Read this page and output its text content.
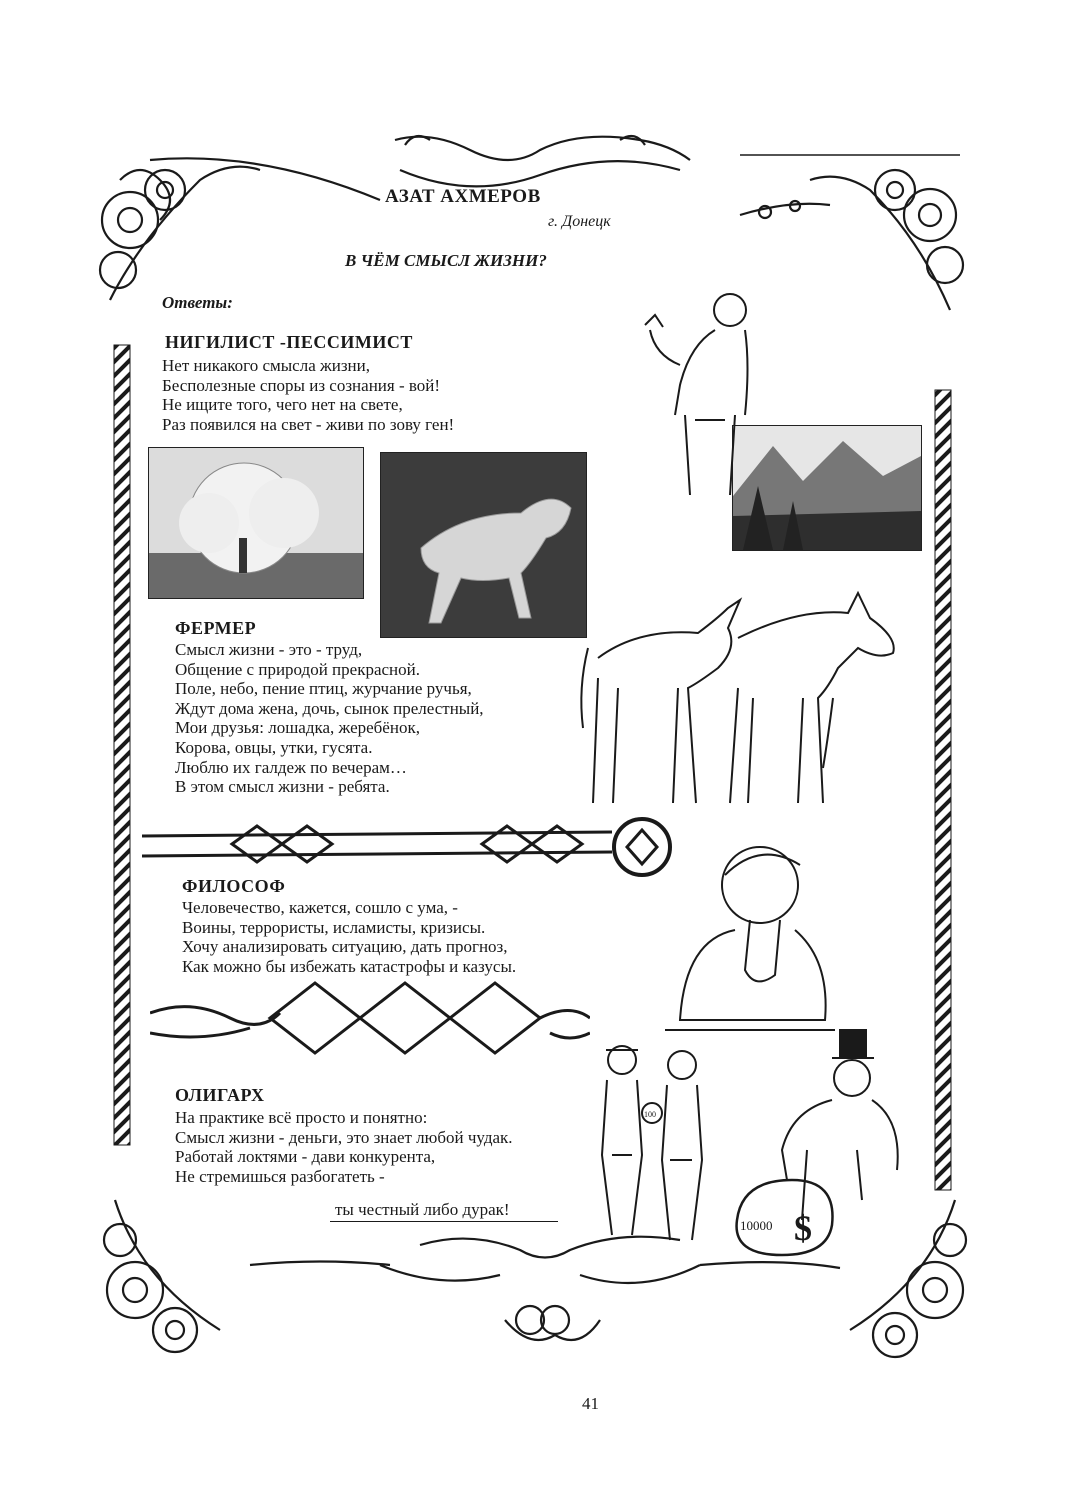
АЗАТ АХМЕРОВ
г. Донецк
В ЧЁМ СМЫСЛ ЖИЗНИ?
Ответы:
НИГИЛИСТ -ПЕССИМИСТ
Нет никакого смысла жизни,
Бесполезные споры из сознания - вой!
Не ищите того, чего нет на свете,
Раз появился на свет - живи по зову ген!
ФЕРМЕР
Смысл жизни - это - труд,
Общение с природой прекрасной.
Поле, небо, пение птиц, журчание ручья,
Ждут дома жена, дочь, сынок прелестный,
Мои друзья: лошадка, жеребёнок,
Корова, овцы, утки, гусята.
Люблю их галдеж по вечерам…
В этом смысл жизни - ребята.
ФИЛОСОФ
Человечество, кажется, сошло с ума, -
Воины, террористы, исламисты, кризисы.
Хочу анализировать ситуацию, дать прогноз,
Как можно бы избежать катастрофы и казусы.
ОЛИГАРХ
На практике всё просто и понятно:
Смысл жизни - деньги, это знает любой чудак.
Работай локтями - дави конкурента,
Не стремишься разбогатеть -
ты честный либо дурак!
100
10000 $
41
